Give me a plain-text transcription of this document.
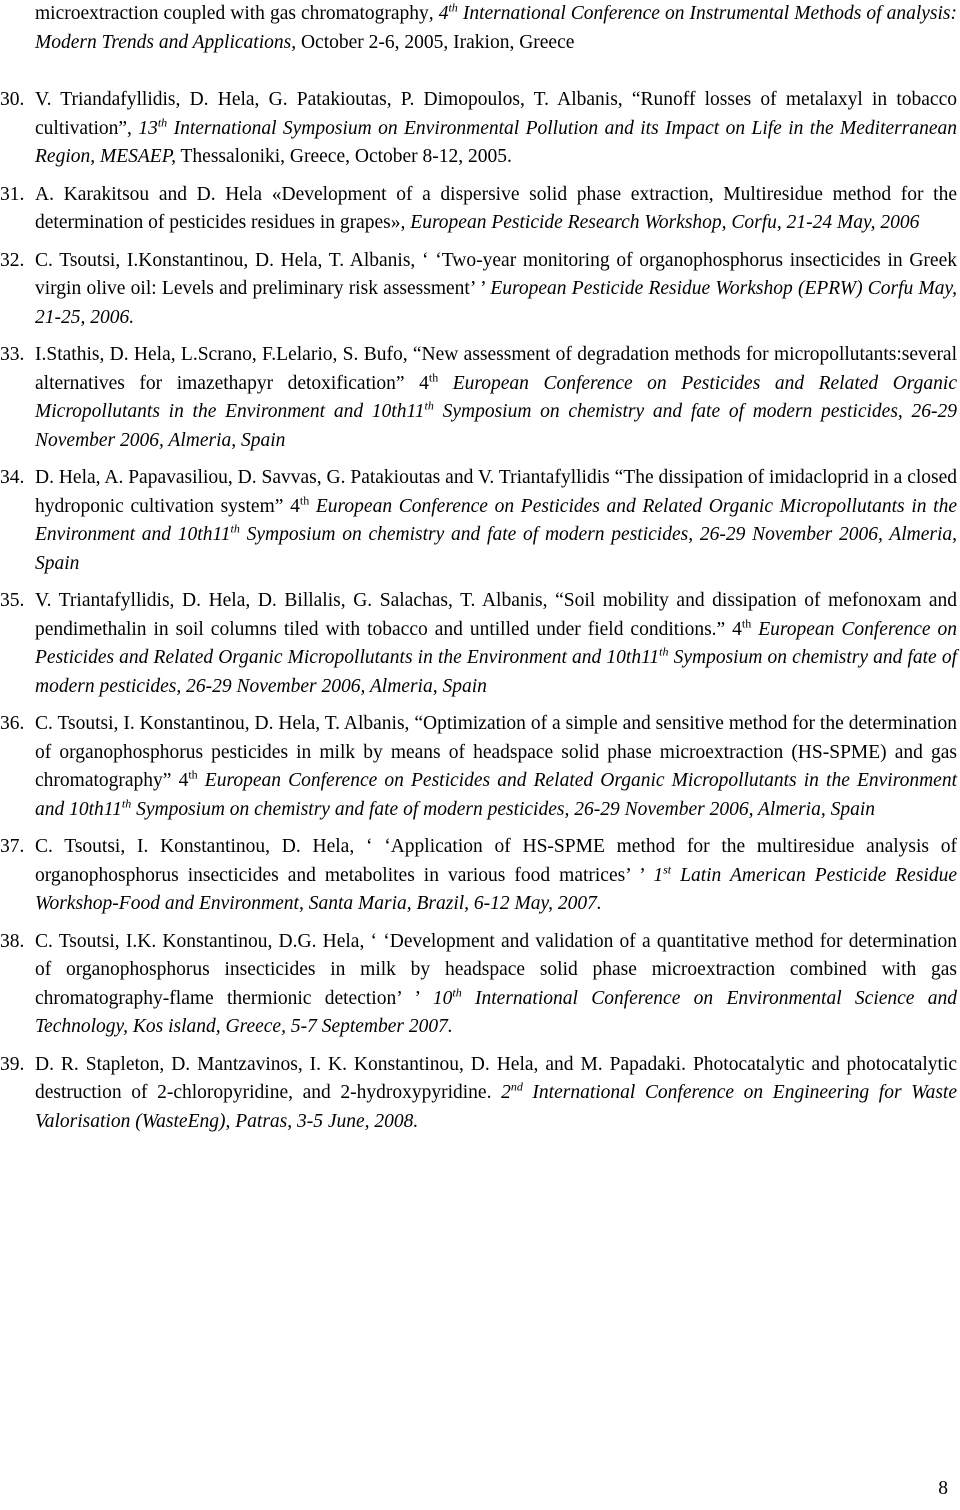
microextraction coupled with gas chromatography, 4th International Conference on Instrumental Methods of analysis: Modern Trends and Applications, October 2-6, 2005, Irakion, Greece
30. V. Triandafyllidis, D. Hela, G. Patakioutas, P. Dimopoulos, T. Albanis, “Runoff losses of metalaxyl in tobacco cultivation”, 13th International Symposium on Environmental Pollution and its Impact on Life in the Mediterranean Region, MESAEP, Thessaloniki, Greece, October 8-12, 2005.
31. A. Karakitsou and D. Hela «Development of a dispersive solid phase extraction, Multiresidue method for the determination of pesticides residues in grapes», European Pesticide Research Workshop, Corfu, 21-24 May, 2006
32. C. Tsoutsi, I.Konstantinou, D. Hela, T. Albanis, ‘ ‘Two-year monitoring of organophosphorus insecticides in Greek virgin olive oil: Levels and preliminary risk assessment’ ’ European Pesticide Residue Workshop (EPRW) Corfu May, 21-25, 2006.
33. I.Stathis, D. Hela, L.Scrano, F.Lelario, S. Bufo, “New assessment of degradation methods for micropollutants:several alternatives for imazethapyr detoxification” 4th European Conference on Pesticides and Related Organic Micropollutants in the Environment and 10th11th Symposium on chemistry and fate of modern pesticides, 26-29 November 2006, Almeria, Spain
34. D. Hela, A. Papavasiliou, D. Savvas, G. Patakioutas and V. Triantafyllidis “The dissipation of imidacloprid in a closed hydroponic cultivation system” 4th European Conference on Pesticides and Related Organic Micropollutants in the Environment and 10th11th Symposium on chemistry and fate of modern pesticides, 26-29 November 2006, Almeria, Spain
35. V. Triantafyllidis, D. Hela, D. Billalis, G. Salachas, T. Albanis, “Soil mobility and dissipation of mefonoxam and pendimethalin in soil columns tiled with tobacco and untilled under field conditions.” 4th European Conference on Pesticides and Related Organic Micropollutants in the Environment and 10th11th Symposium on chemistry and fate of modern pesticides, 26-29 November 2006, Almeria, Spain
36. C. Tsoutsi, I. Konstantinou, D. Hela, T. Albanis, “Optimization of a simple and sensitive method for the determination of organophosphorus pesticides in milk by means of headspace solid phase microextraction (HS-SPME) and gas chromatography” 4th European Conference on Pesticides and Related Organic Micropollutants in the Environment and 10th11th Symposium on chemistry and fate of modern pesticides, 26-29 November 2006, Almeria, Spain
37. C. Tsoutsi, I. Konstantinou, D. Hela, ‘ ‘Application of HS-SPME method for the multiresidue analysis of organophosphorus insecticides and metabolites in various food matrices’ ’ 1st Latin American Pesticide Residue Workshop-Food and Environment, Santa Maria, Brazil, 6-12 May, 2007.
38. C. Tsoutsi, I.K. Konstantinou, D.G. Hela, ‘ ‘Development and validation of a quantitative method for determination of organophosphorus insecticides in milk by headspace solid phase microextraction combined with gas chromatography-flame thermionic detection’ ’ 10th International Conference on Environmental Science and Technology, Kos island, Greece, 5-7 September 2007.
39. D. R. Stapleton, D. Mantzavinos, I. K. Konstantinou, D. Hela, and M. Papadaki. Photocatalytic and photocatalytic destruction of 2-chloropyridine, and 2-hydroxypyridine. 2nd International Conference on Engineering for Waste Valorisation (WasteEng), Patras, 3-5 June, 2008.
8
